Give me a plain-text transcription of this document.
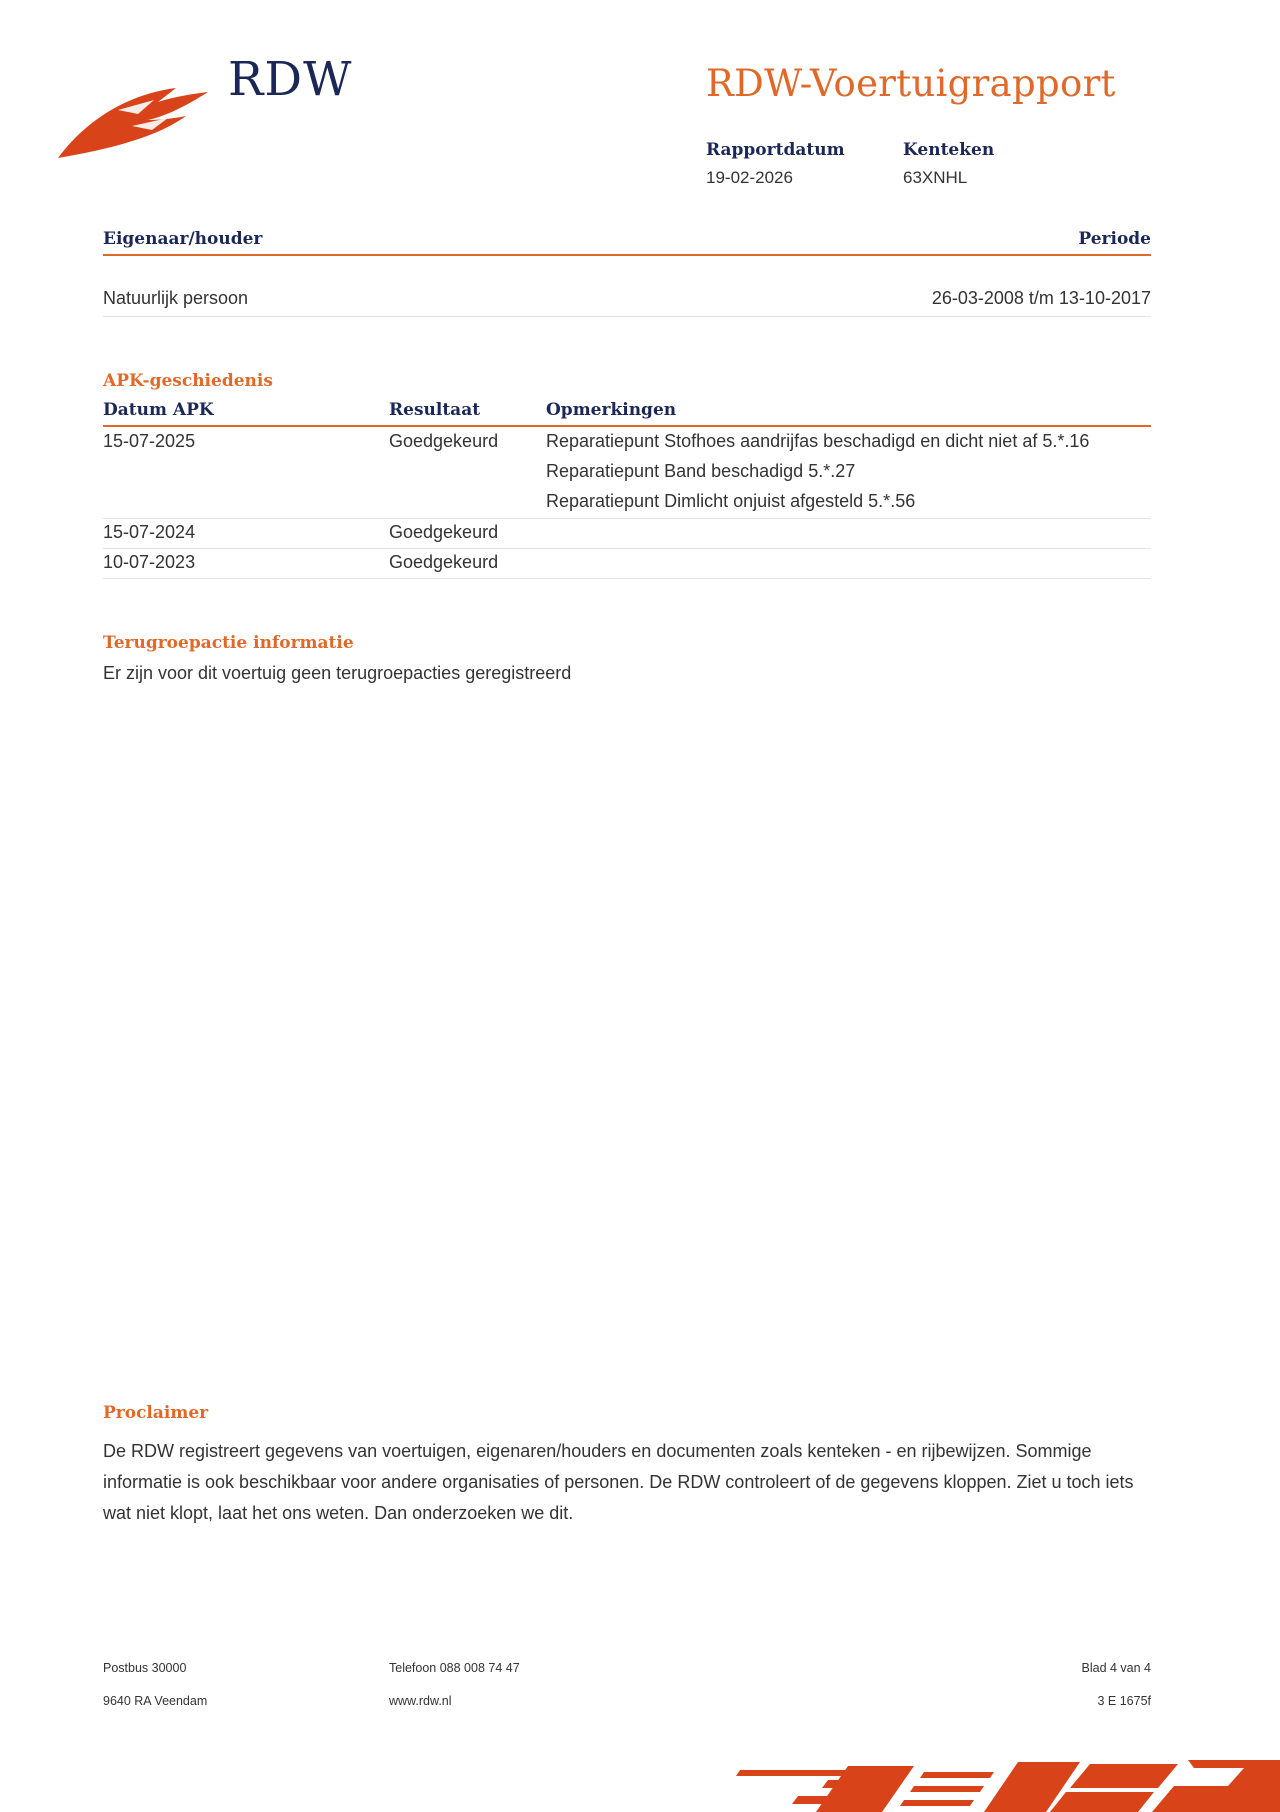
RDW	RDW-Voertuigrapport
Rapportdatum
19-02-2026
Kenteken
63XNHL
Eigenaar/houder	Periode
Natuurlijk persoon	26-03-2008 t/m 13-10-2017
APK-geschiedenis
Datum APK	Resultaat	Opmerkingen
15-07-2025	Goedgekeurd	Reparatiepunt Stofhoes aandrijfas beschadigd en dicht niet af 5.*.16
Reparatiepunt Band beschadigd 5.*.27
Reparatiepunt Dimlicht onjuist afgesteld 5.*.56
15-07-2024	Goedgekeurd
10-07-2023	Goedgekeurd
Terugroepactie informatie
Er zijn voor dit voertuig geen terugroepacties geregistreerd
Proclaimer
De RDW registreert gegevens van voertuigen, eigenaren/houders en documenten zoals kenteken - en rijbewijzen. Sommige informatie is ook beschikbaar voor andere organisaties of personen. De RDW controleert of de gegevens kloppen. Ziet u toch iets wat niet klopt, laat het ons weten. Dan onderzoeken we dit.
Postbus 30000
9640 RA Veendam
Telefoon 088 008 74 47
www.rdw.nl
Blad 4 van 4
3 E 1675f
